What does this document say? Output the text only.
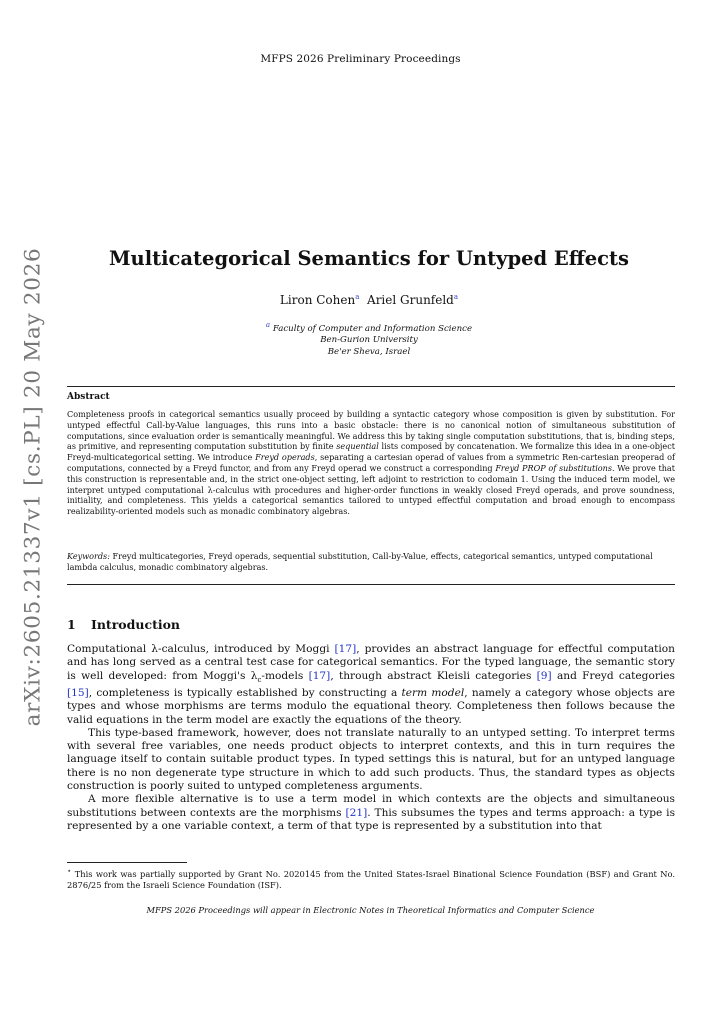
MFPS 2026 Preliminary Proceedings
arXiv:2605.21337v1 [cs.PL] 20 May 2026	Multicategorical Semantics for Untyped Effects
Liron Cohen$^a$ Ariel Grunfeld$^a$
$^a$ Faculty of Computer and Information Science
Ben-Gurion University
Be'er Sheva, Israel
Abstract
Completeness proofs in categorical semantics usually proceed by building a syntactic category whose composition is given by substitution. For untyped effectful Call-by-Value languages, this runs into a basic obstacle: there is no canonical notion of simultaneous substitution of computations, since evaluation order is semantically meaningful. We address this by taking single computation substitutions, that is, binding steps, as primitive, and representing computation substitution by finite sequential lists composed by concatenation. We formalize this idea in a one-object Freyd-multicategorical setting. We introduce Freyd operads, separating a cartesian operad of values from a symmetric Ren-cartesian preoperad of computations, connected by a Freyd functor, and from any Freyd operad we construct a corresponding Freyd PROP of substitutions. We prove that this construction is representable and, in the strict one-object setting, left adjoint to restriction to codomain 1. Using the induced term model, we interpret untyped computational λ-calculus with procedures and higher-order functions in weakly closed Freyd operads, and prove soundness, initiality, and completeness. This yields a categorical semantics tailored to untyped effectful computation and broad enough to encompass realizability-oriented models such as monadic combinatory algebras.
Keywords: Freyd multicategories, Freyd operads, sequential substitution, Call-by-Value, effects, categorical semantics, untyped computational lambda calculus, monadic combinatory algebras.
1 Introduction

Computational λ-calculus, introduced by Moggi [17], provides an abstract language for effectful computation and has long served as a central test case for categorical semantics. For the typed language, the semantic story is well developed: from Moggi's $\lambda_c$-models [17], through abstract Kleisli categories [9] and Freyd categories [15], completeness is typically established by constructing a term model, namely a category whose objects are types and whose morphisms are terms modulo the equational theory. Completeness then follows because the valid equations in the term model are exactly the equations of the theory.

This type-based framework, however, does not translate naturally to an untyped setting. To interpret terms with several free variables, one needs product objects to interpret contexts, and this in turn requires the language itself to contain suitable product types. In typed settings this is natural, but for an untyped language there is no non degenerate type structure in which to add such products. Thus, the standard types as objects construction is poorly suited to untyped completeness arguments.

A more flexible alternative is to use a term model in which contexts are the objects and simultaneous substitutions between contexts are the morphisms [21]. This subsumes the types and terms approach: a type is represented by a one variable context, a term of that type is represented by a substitution into that

⋆ This work was partially supported by Grant No. 2020145 from the United States-Israel Binational Science Foundation (BSF) and Grant No. 2876/25 from the Israeli Science Foundation (ISF).
MFPS 2026 Proceedings will appear in Electronic Notes in Theoretical Informatics and Computer Science
